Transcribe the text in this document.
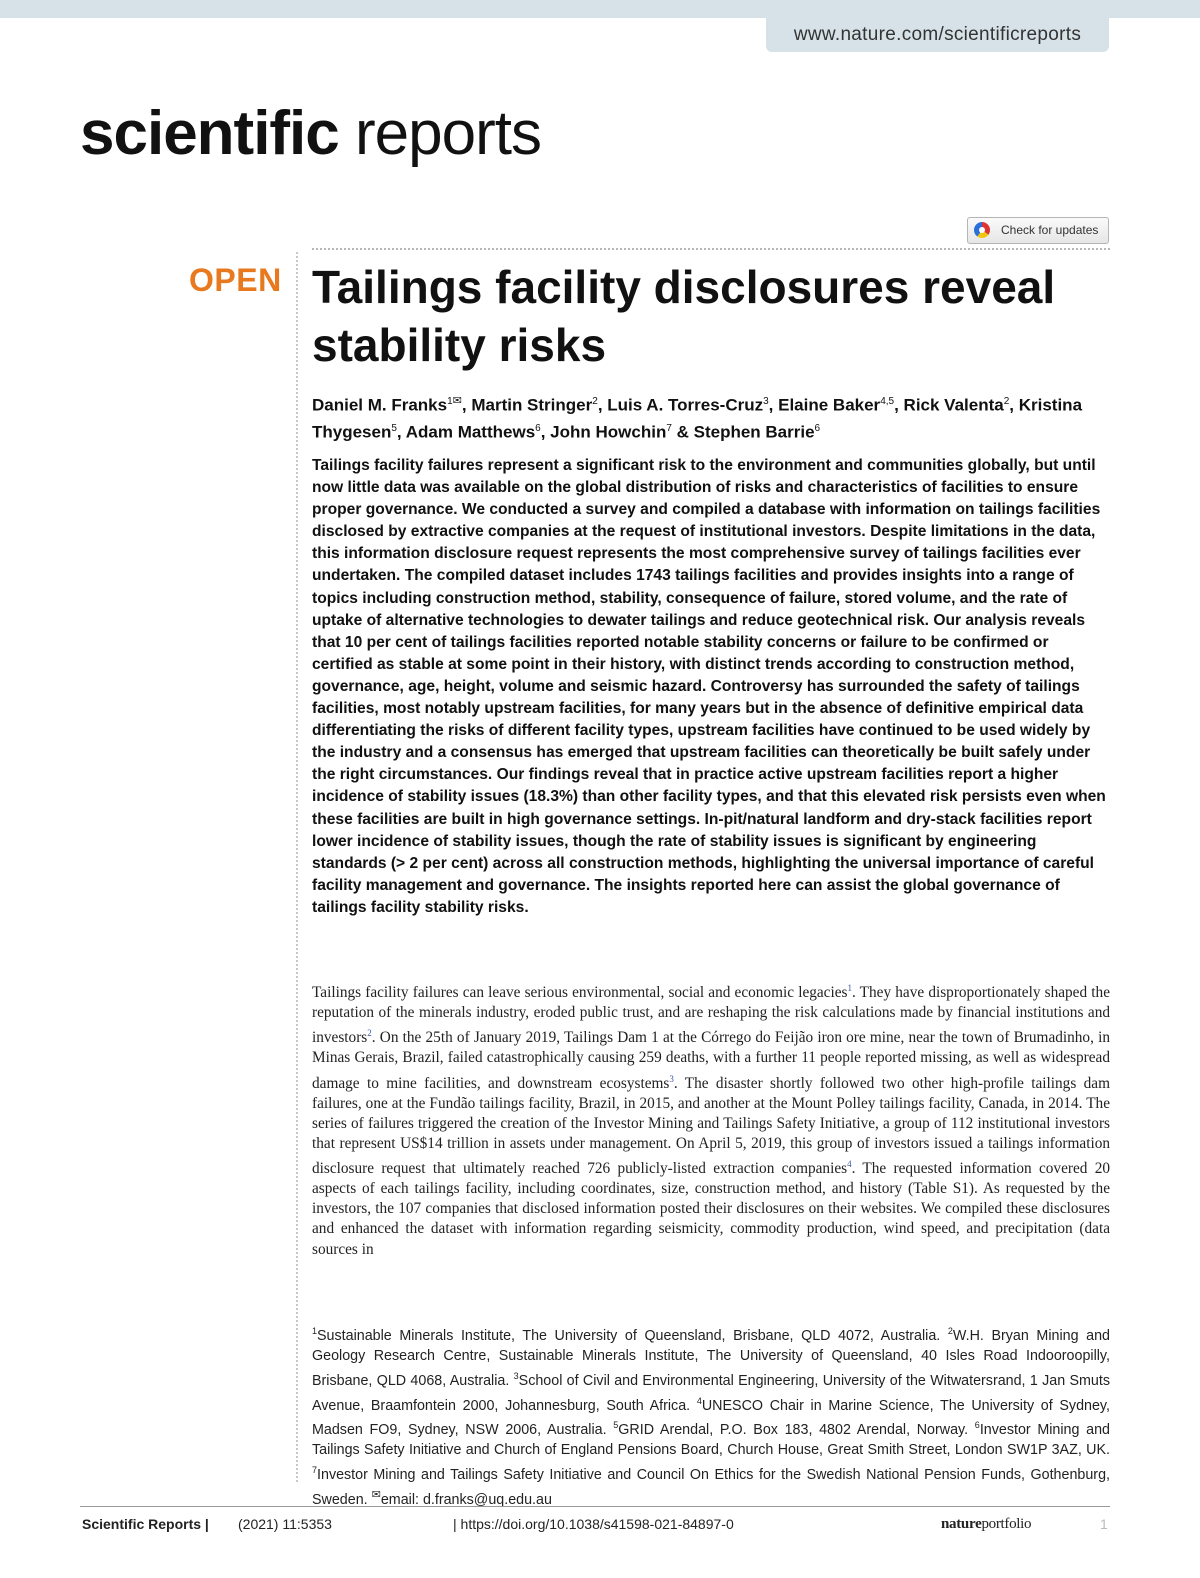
www.nature.com/scientificreports
scientific reports
Check for updates
OPEN Tailings facility disclosures reveal stability risks
Daniel M. Franks$^{1✉}$, Martin Stringer$^2$, Luis A. Torres-Cruz$^3$, Elaine Baker$^{4,5}$, Rick Valenta$^2$, Kristina Thygesen$^5$, Adam Matthews$^6$, John Howchin$^7$ & Stephen Barrie$^6$
Tailings facility failures represent a significant risk to the environment and communities globally, but until now little data was available on the global distribution of risks and characteristics of facilities to ensure proper governance. We conducted a survey and compiled a database with information on tailings facilities disclosed by extractive companies at the request of institutional investors. Despite limitations in the data, this information disclosure request represents the most comprehensive survey of tailings facilities ever undertaken. The compiled dataset includes 1743 tailings facilities and provides insights into a range of topics including construction method, stability, consequence of failure, stored volume, and the rate of uptake of alternative technologies to dewater tailings and reduce geotechnical risk. Our analysis reveals that 10 per cent of tailings facilities reported notable stability concerns or failure to be confirmed or certified as stable at some point in their history, with distinct trends according to construction method, governance, age, height, volume and seismic hazard. Controversy has surrounded the safety of tailings facilities, most notably upstream facilities, for many years but in the absence of definitive empirical data differentiating the risks of different facility types, upstream facilities have continued to be used widely by the industry and a consensus has emerged that upstream facilities can theoretically be built safely under the right circumstances. Our findings reveal that in practice active upstream facilities report a higher incidence of stability issues (18.3%) than other facility types, and that this elevated risk persists even when these facilities are built in high governance settings. In-pit/natural landform and dry-stack facilities report lower incidence of stability issues, though the rate of stability issues is significant by engineering standards (> 2 per cent) across all construction methods, highlighting the universal importance of careful facility management and governance. The insights reported here can assist the global governance of tailings facility stability risks.
Tailings facility failures can leave serious environmental, social and economic legacies$^1$. They have disproportionately shaped the reputation of the minerals industry, eroded public trust, and are reshaping the risk calculations made by financial institutions and investors$^2$. On the 25th of January 2019, Tailings Dam 1 at the Córrego do Feijão iron ore mine, near the town of Brumadinho, in Minas Gerais, Brazil, failed catastrophically causing 259 deaths, with a further 11 people reported missing, as well as widespread damage to mine facilities, and downstream ecosystems$^3$. The disaster shortly followed two other high-profile tailings dam failures, one at the Fundão tailings facility, Brazil, in 2015, and another at the Mount Polley tailings facility, Canada, in 2014. The series of failures triggered the creation of the Investor Mining and Tailings Safety Initiative, a group of 112 institutional investors that represent US$14 trillion in assets under management. On April 5, 2019, this group of investors issued a tailings information disclosure request that ultimately reached 726 publicly-listed extraction companies$^4$. The requested information covered 20 aspects of each tailings facility, including coordinates, size, construction method, and history (Table S1). As requested by the investors, the 107 companies that disclosed information posted their disclosures on their websites. We compiled these disclosures and enhanced the dataset with information regarding seismicity, commodity production, wind speed, and precipitation (data sources in
$^1$Sustainable Minerals Institute, The University of Queensland, Brisbane, QLD 4072, Australia. $^2$W.H. Bryan Mining and Geology Research Centre, Sustainable Minerals Institute, The University of Queensland, 40 Isles Road Indooroopilly, Brisbane, QLD 4068, Australia. $^3$School of Civil and Environmental Engineering, University of the Witwatersrand, 1 Jan Smuts Avenue, Braamfontein 2000, Johannesburg, South Africa. $^4$UNESCO Chair in Marine Science, The University of Sydney, Madsen FO9, Sydney, NSW 2006, Australia. $^5$GRID Arendal, P.O. Box 183, 4802 Arendal, Norway. $^6$Investor Mining and Tailings Safety Initiative and Church of England Pensions Board, Church House, Great Smith Street, London SW1P 3AZ, UK. $^7$Investor Mining and Tailings Safety Initiative and Council On Ethics for the Swedish National Pension Funds, Gothenburg, Sweden. ✉email: d.franks@uq.edu.au
Scientific Reports | (2021) 11:5353	| https://doi.org/10.1038/s41598-021-84897-0	natureportfolio	1
